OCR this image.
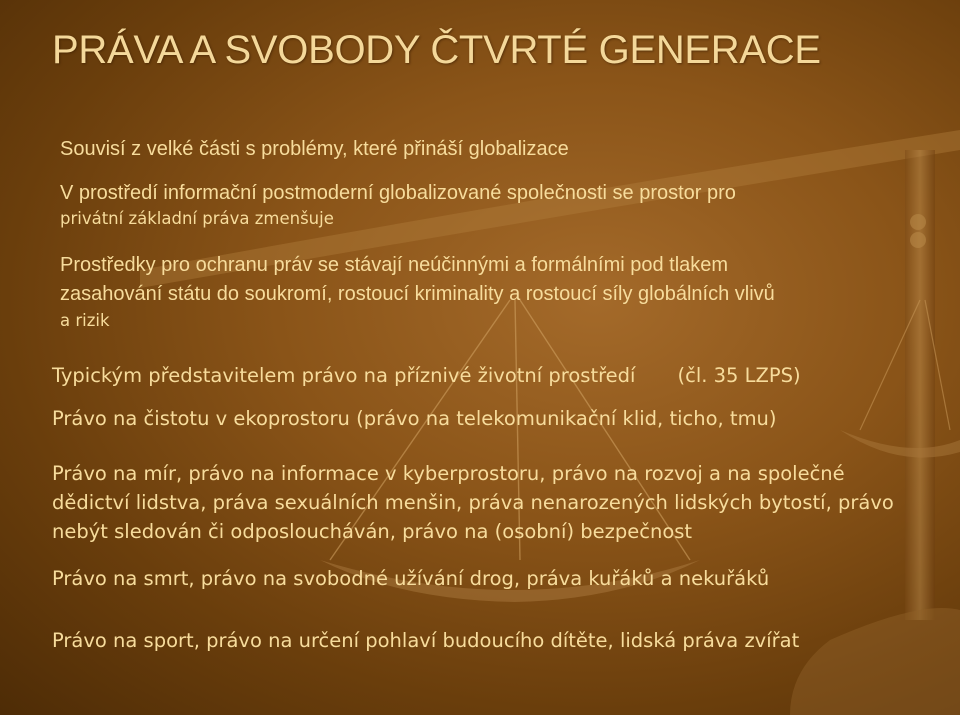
PRÁVA A SVOBODY ČTVRTÉ GENERACE

Souvisí z velké části s problémy, které přináší globalizace

V prostředí informační postmoderní globalizované společnosti se prostor pro

privátní základní práva zmenšuje

Prostředky pro ochranu práv se stávají neúčinnými a formálními pod tlakem

zasahování státu do soukromí, rostoucí kriminality a rostoucí síly globálních vlivů

a rizik

Typickým představitelem právo na příznivé životní prostředí (čl. 35 LZPS)

Právo na čistotu v ekoprostoru (právo na telekomunikační klid, ticho, tmu)

Právo na mír, právo na informace v kyberprostoru, právo na rozvoj a na společné

dědictví lidstva, práva sexuálních menšin, práva nenarozených lidských bytostí, právo

nebýt sledován či odposloucháván, právo na (osobní) bezpečnost

Právo na smrt, právo na svobodné užívání drog, práva kuřáků a nekuřáků

Právo na sport, právo na určení pohlaví budoucího dítěte, lidská práva zvířat
